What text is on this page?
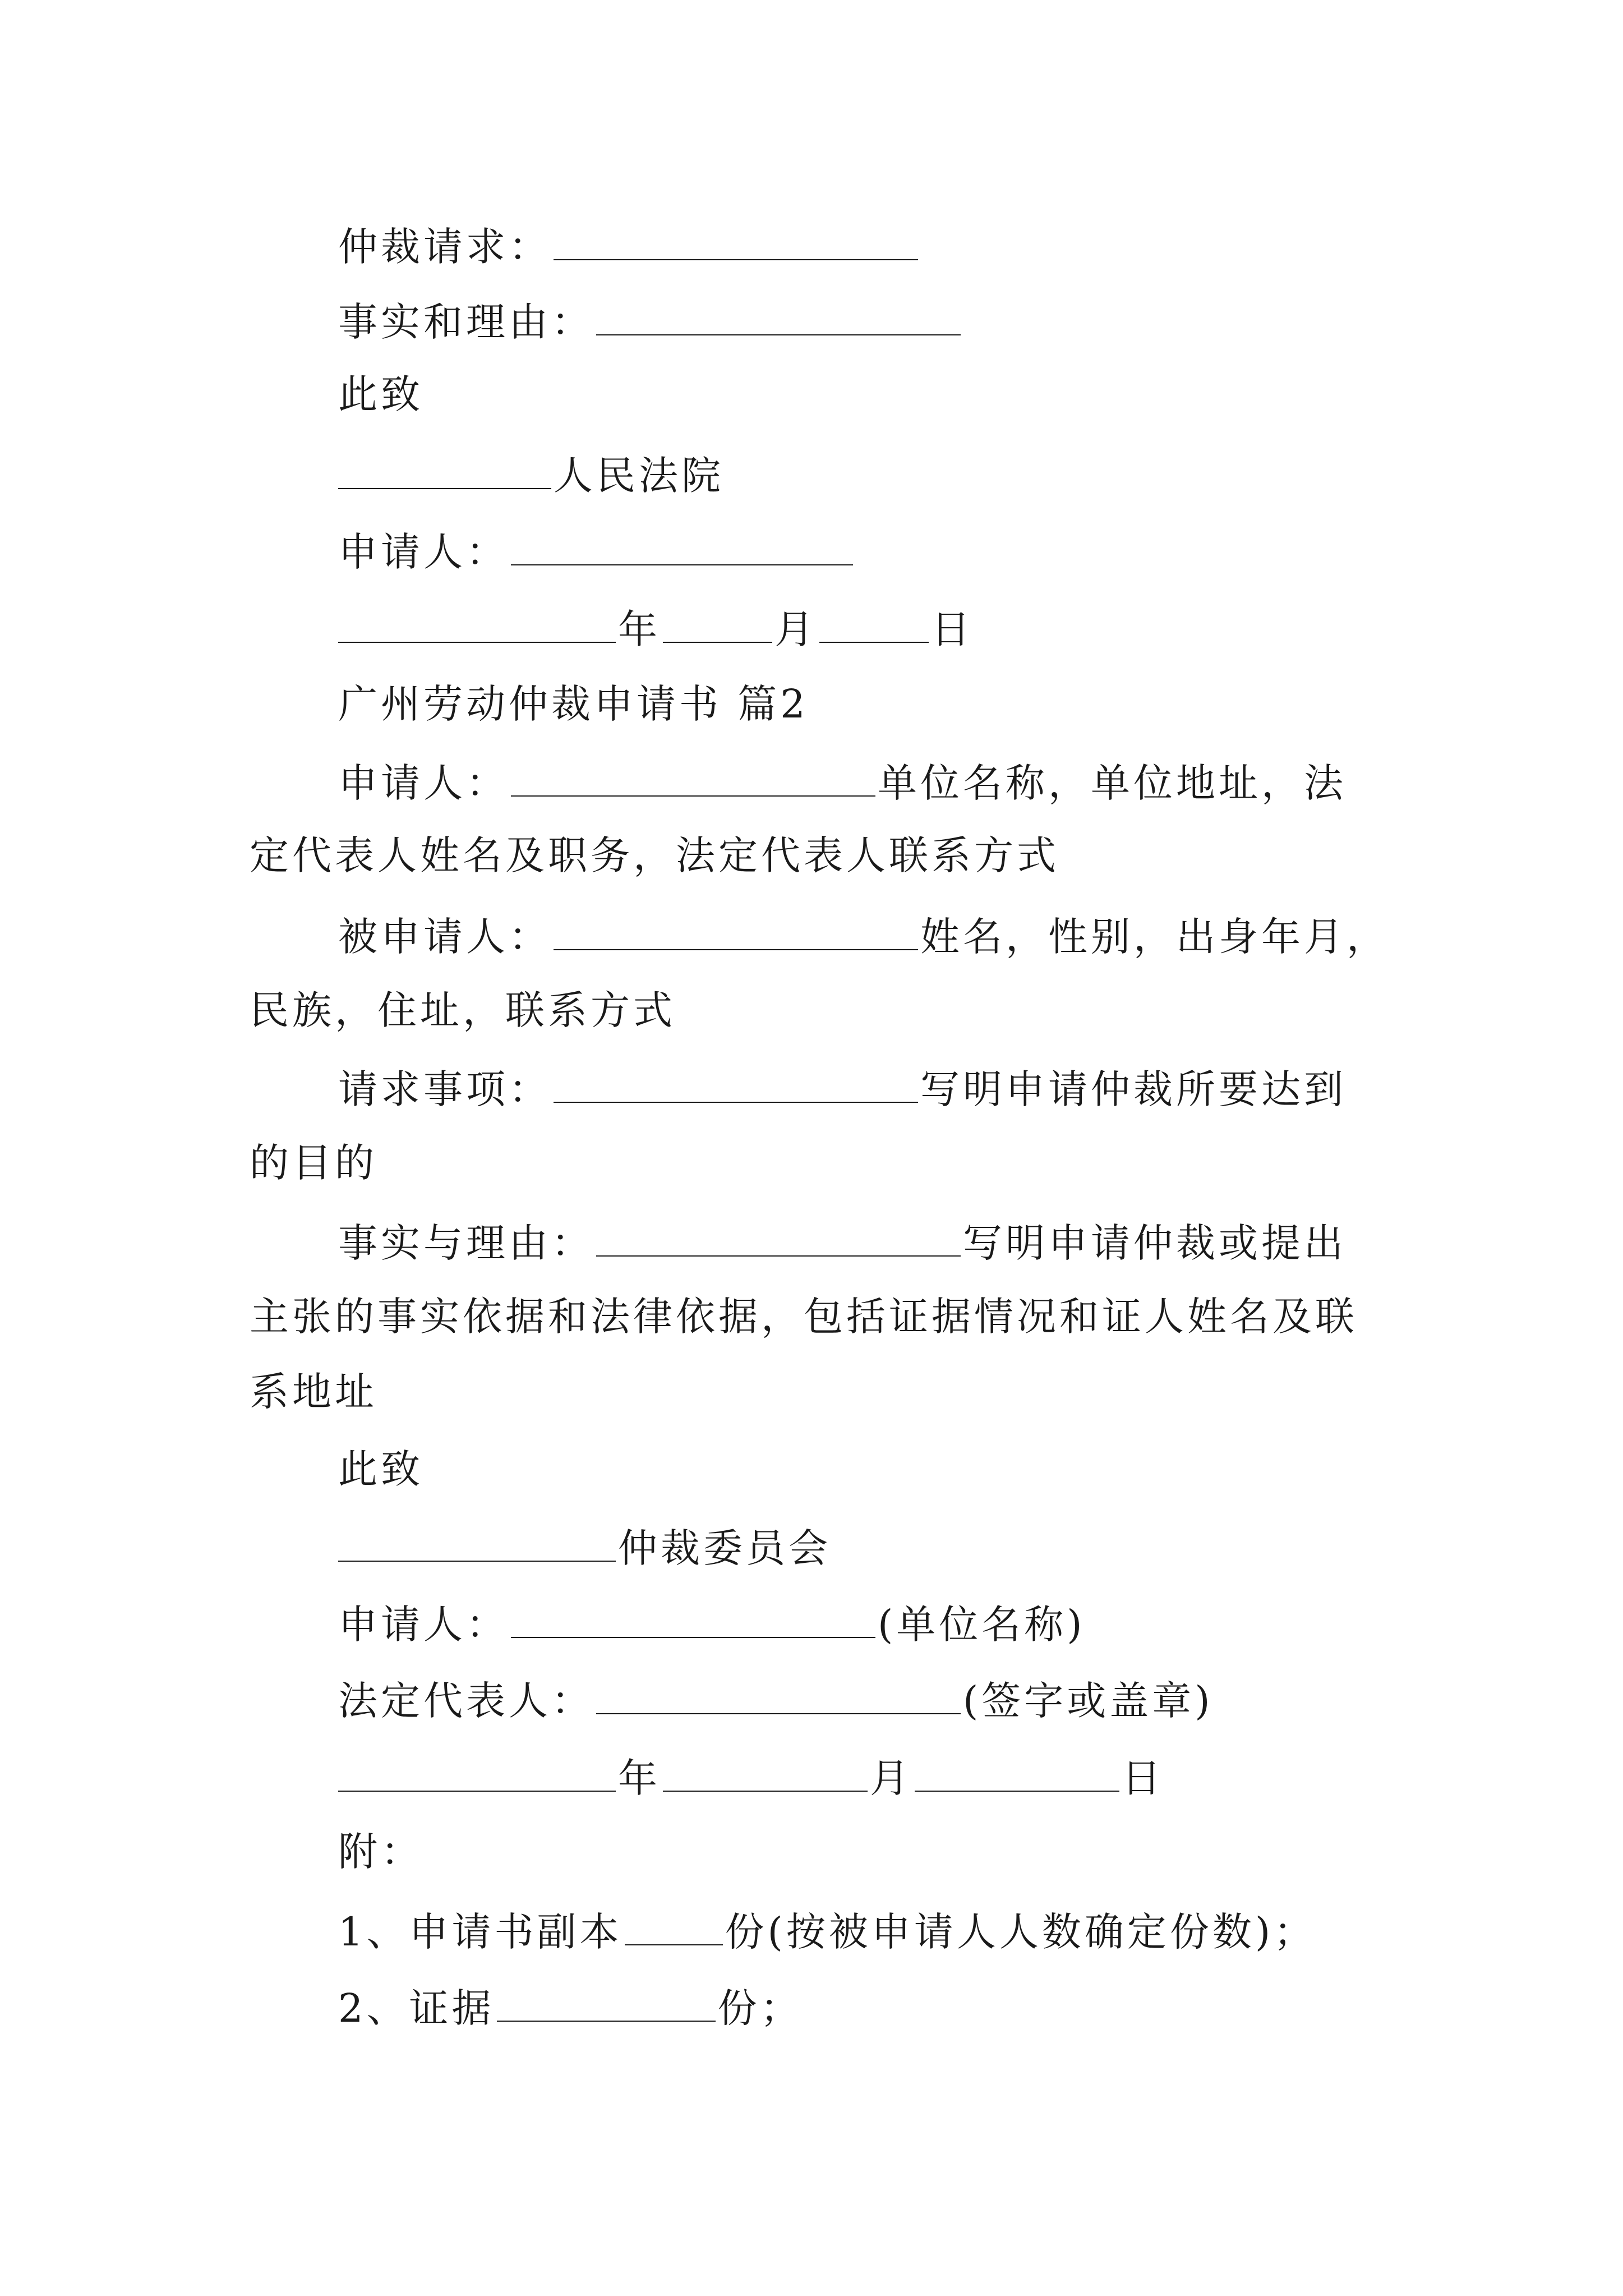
仲裁请求：
事实和理由：
此致
人民法院
申请人：
年	月	日
广州劳动仲裁申请书 篇2
申请人：	单位名称，单位地址，法
定代表人姓名及职务，法定代表人联系方式
被申请人：	姓名，性别，出身年月，
民族，住址，联系方式
请求事项：	写明申请仲裁所要达到
的目的
事实与理由：	写明申请仲裁或提出
主张的事实依据和法律依据，包括证据情况和证人姓名及联
系地址
此致
仲裁委员会
申请人：	(单位名称)
法定代表人：	(签字或盖章)
年	月	日
附：
1、申请书副本	份(按被申请人人数确定份数)；
2、证据	份；
